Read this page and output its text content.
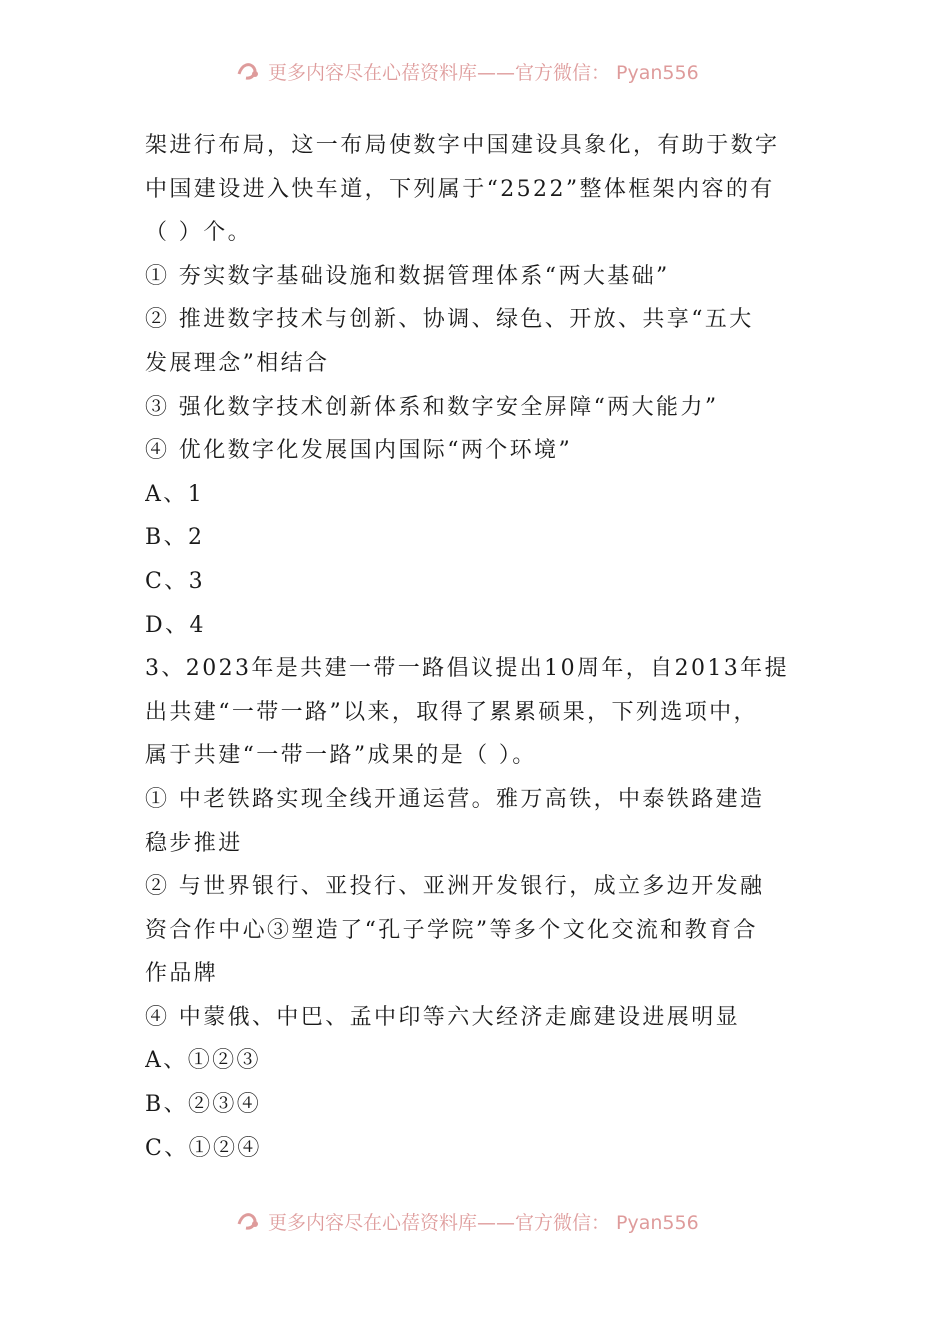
更多内容尽在心蓓资料库——官方微信： Pyan556
架进行布局，这一布局使数字中国建设具象化，有助于数字
中国建设进入快车道，下列属于“2522”整体框架内容的有
（ ）个。
① 夯实数字基础设施和数据管理体系“两大基础”
② 推进数字技术与创新、协调、绿色、开放、共享“五大
发展理念”相结合
③ 强化数字技术创新体系和数字安全屏障“两大能力”
④ 优化数字化发展国内国际“两个环境”
A、1
B、2
C、3
D、4
3、2023年是共建一带一路倡议提出10周年，自2013年提
出共建“一带一路”以来，取得了累累硕果，下列选项中，
属于共建“一带一路”成果的是（ ）。
① 中老铁路实现全线开通运营。雅万高铁，中泰铁路建造
稳步推进
② 与世界银行、亚投行、亚洲开发银行，成立多边开发融
资合作中心③塑造了“孔子学院”等多个文化交流和教育合
作品牌
④ 中蒙俄、中巴、孟中印等六大经济走廊建设进展明显
A、①②③
B、②③④
C、①②④
更多内容尽在心蓓资料库——官方微信： Pyan556
